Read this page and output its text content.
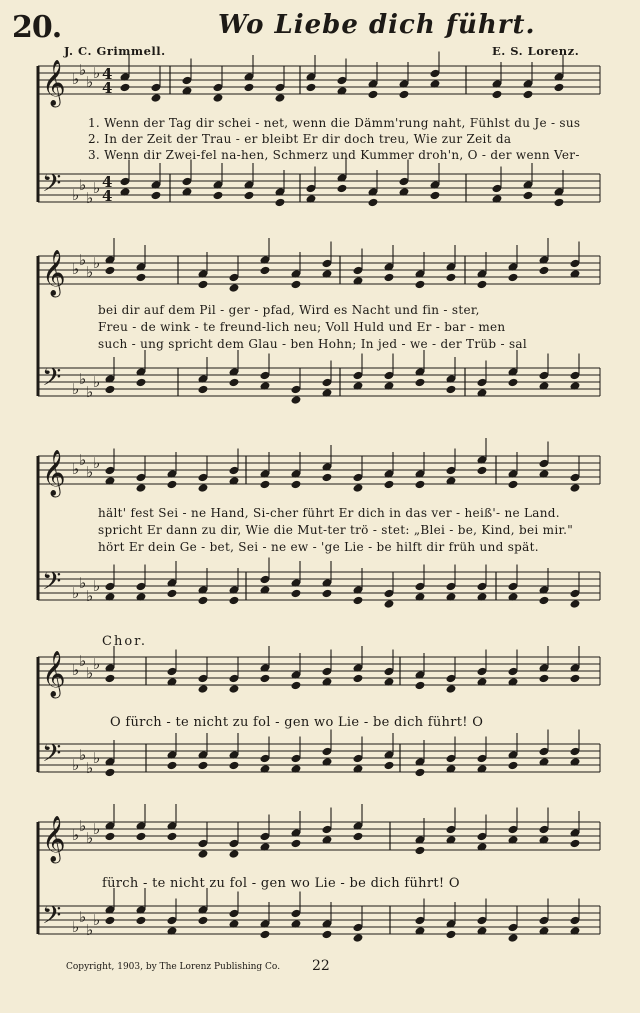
20.	Wo Liebe dich führt.
J. C. Grimmell.	E. S. Lorenz.
𝄞 ♭ ♭
♭ ♭ 4
4
𝄢 ♭
♭
♭
♭ 4
4
𝄞 ♭ ♭
♭ ♭
𝄢 ♭
♭
♭
♭
𝄞 ♭ ♭
♭ ♭
𝄢 ♭
♭
♭
♭
𝄞 ♭ ♭
♭ ♭
𝄢 ♭
♭
♭
♭
𝄞 ♭ ♭
♭ ♭
𝄢 ♭
♭
♭
♭
1. Wenn der Tag dir schei - net, wenn die Dämm'rung naht, Fühlst du Je - sus
2. In der Zeit der Trau - er bleibt Er dir doch treu, Wie zur Zeit da
3. Wenn dir Zwei-fel na-hen, Schmerz und Kummer droh'n, O - der wenn Ver-
bei dir auf dem Pil - ger - pfad, Wird es Nacht und fin - ster,
Freu - de wink - te freund-lich neu; Voll Huld und Er - bar - men
such - ung spricht dem Glau - ben Hohn; In jed - we - der Trüb - sal
hält' fest Sei - ne Hand, Si-cher führt Er dich in das ver - heiß'- ne Land.
spricht Er dann zu dir, Wie die Mut-ter trö - stet: „Blei - be, Kind, bei mir."
hört Er dein Ge - bet, Sei - ne ew - 'ge Lie - be hilft dir früh und spät.
Chor.
O fürch - te nicht zu fol - gen wo Lie - be dich führt! O
fürch - te nicht zu fol - gen wo Lie - be dich führt! O
Copyright, 1903, by The Lorenz Publishing Co. 22
